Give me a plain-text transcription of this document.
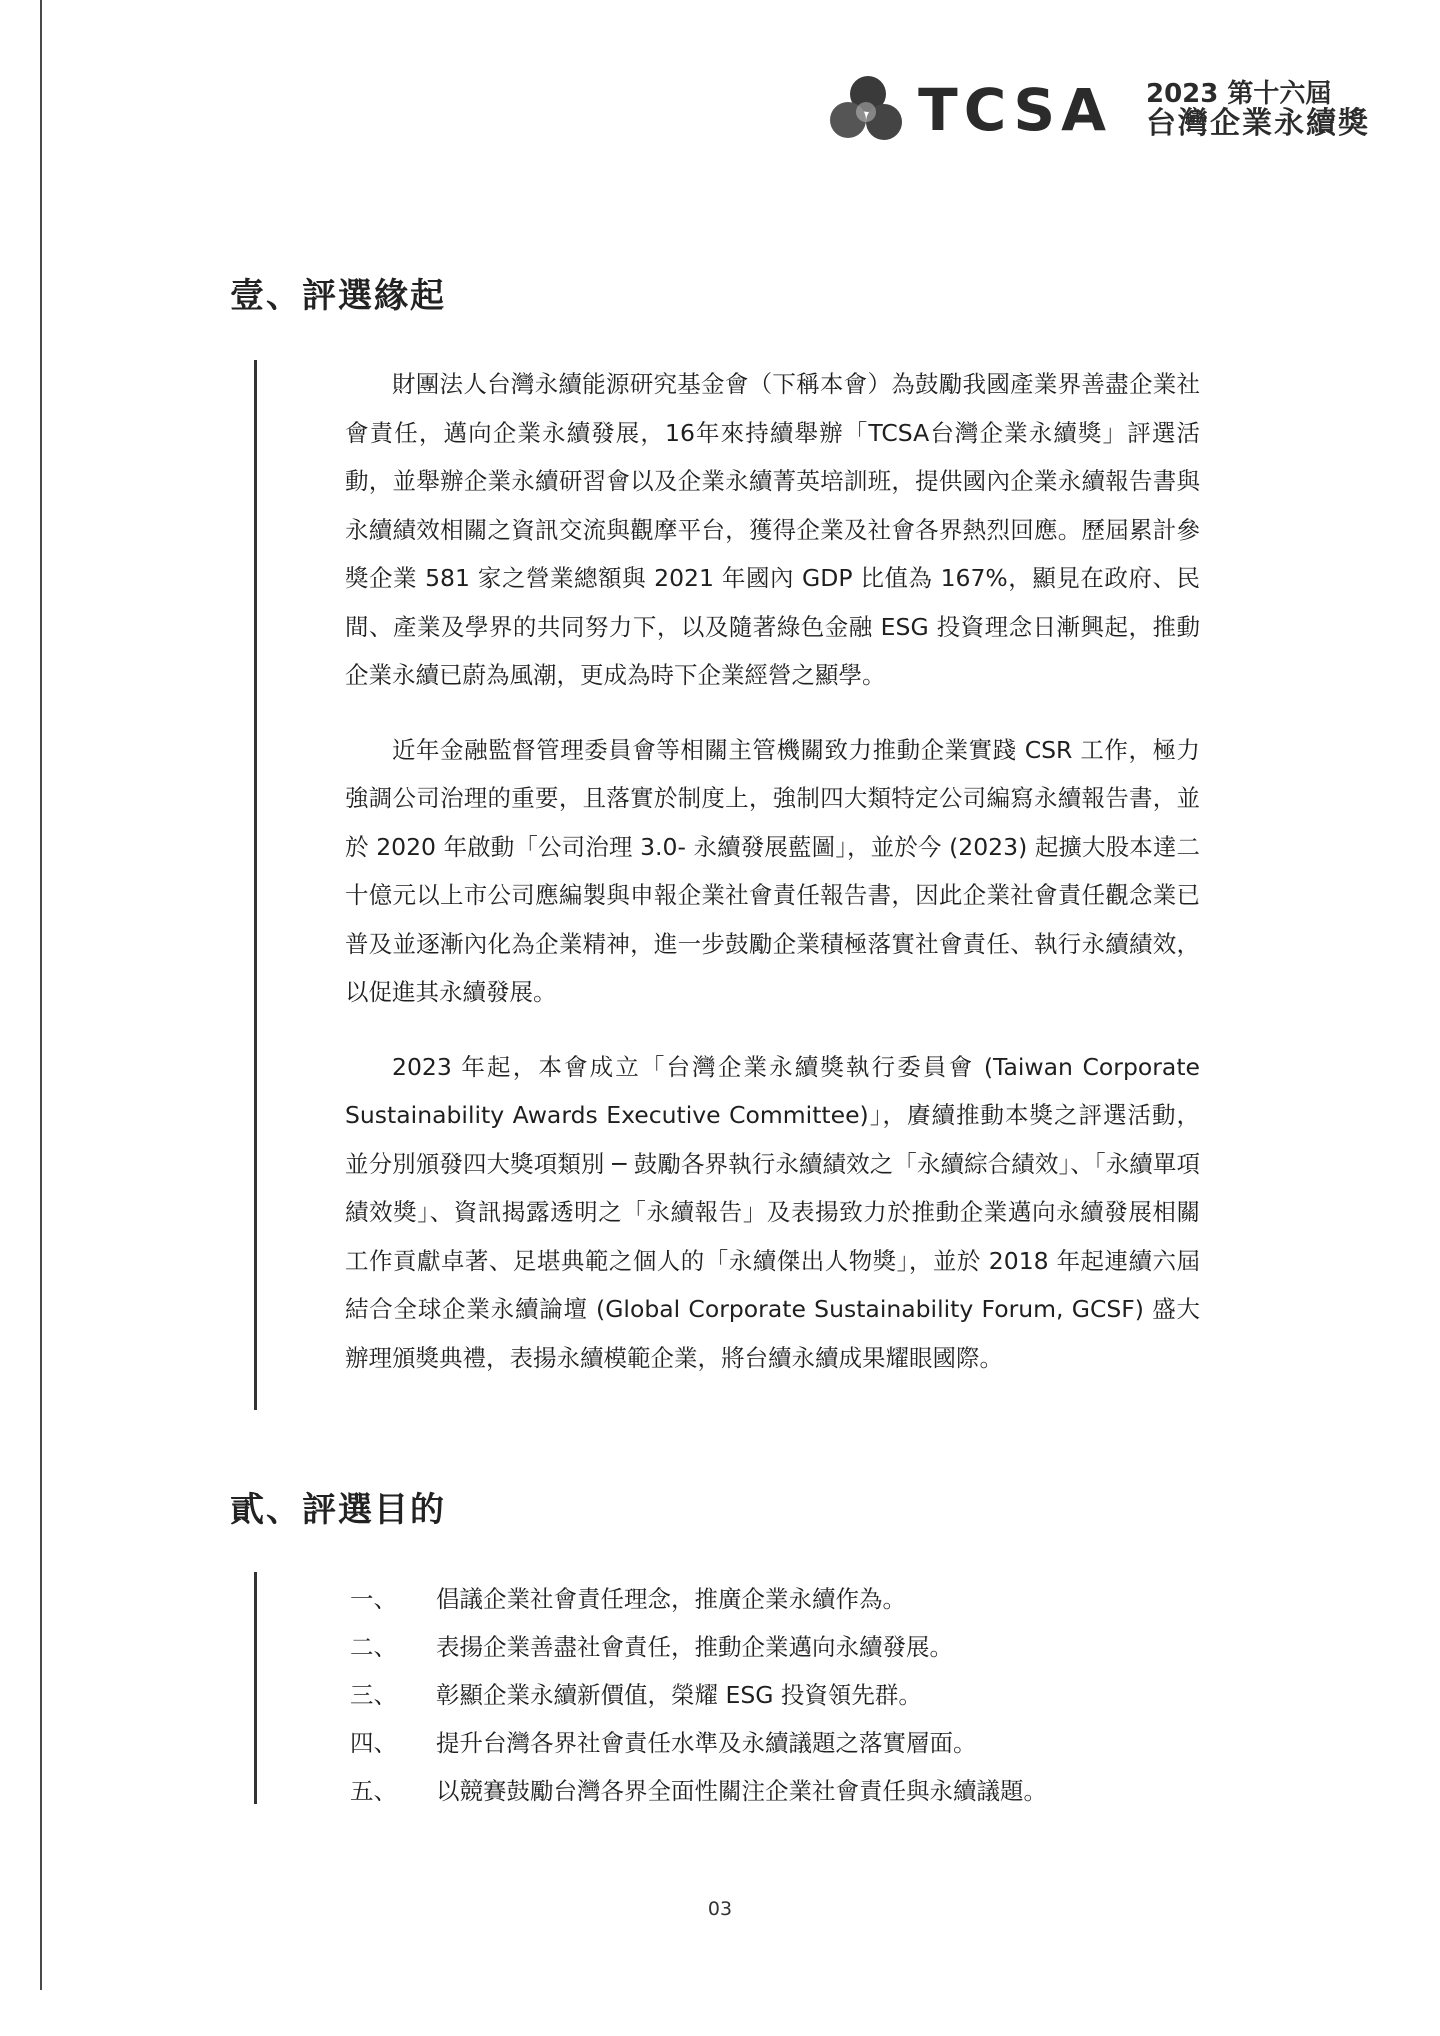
TCSA 2023 第十六屆
台灣企業永續獎
壹、評選緣起

財團法人台灣永續能源研究基金會（下稱本會）為鼓勵我國產業界善盡企業社會責任，邁向企業永續發展，16年來持續舉辦「TCSA台灣企業永續獎」評選活動，並舉辦企業永續研習會以及企業永續菁英培訓班，提供國內企業永續報告書與永續績效相關之資訊交流與觀摩平台，獲得企業及社會各界熱烈回應。歷屆累計參獎企業 581 家之營業總額與 2021 年國內 GDP 比值為 167%，顯見在政府、民間、產業及學界的共同努力下，以及隨著綠色金融 ESG 投資理念日漸興起，推動企業永續已蔚為風潮，更成為時下企業經營之顯學。

近年金融監督管理委員會等相關主管機關致力推動企業實踐 CSR 工作，極力強調公司治理的重要，且落實於制度上，強制四大類特定公司編寫永續報告書，並於 2020 年啟動「公司治理 3.0- 永續發展藍圖」，並於今 (2023) 起擴大股本達二十億元以上市公司應編製與申報企業社會責任報告書，因此企業社會責任觀念業已普及並逐漸內化為企業精神，進一步鼓勵企業積極落實社會責任、執行永續績效，以促進其永續發展。

2023 年起，本會成立「台灣企業永續獎執行委員會 (Taiwan Corporate Sustainability Awards Executive Committee)」，賡續推動本獎之評選活動，並分別頒發四大獎項類別 ─ 鼓勵各界執行永續績效之「永續綜合績效」、「永續單項績效獎」、資訊揭露透明之「永續報告」及表揚致力於推動企業邁向永續發展相關工作貢獻卓著、足堪典範之個人的「永續傑出人物獎」，並於 2018 年起連續六屆結合全球企業永續論壇 (Global Corporate Sustainability Forum, GCSF) 盛大辦理頒獎典禮，表揚永續模範企業，將台續永續成果耀眼國際。

貳、評選目的
一、	倡議企業社會責任理念，推廣企業永續作為。
二、	表揚企業善盡社會責任，推動企業邁向永續發展。
三、	彰顯企業永續新價值，榮耀 ESG 投資領先群。
四、	提升台灣各界社會責任水準及永續議題之落實層面。
五、	以競賽鼓勵台灣各界全面性關注企業社會責任與永續議題。
03
